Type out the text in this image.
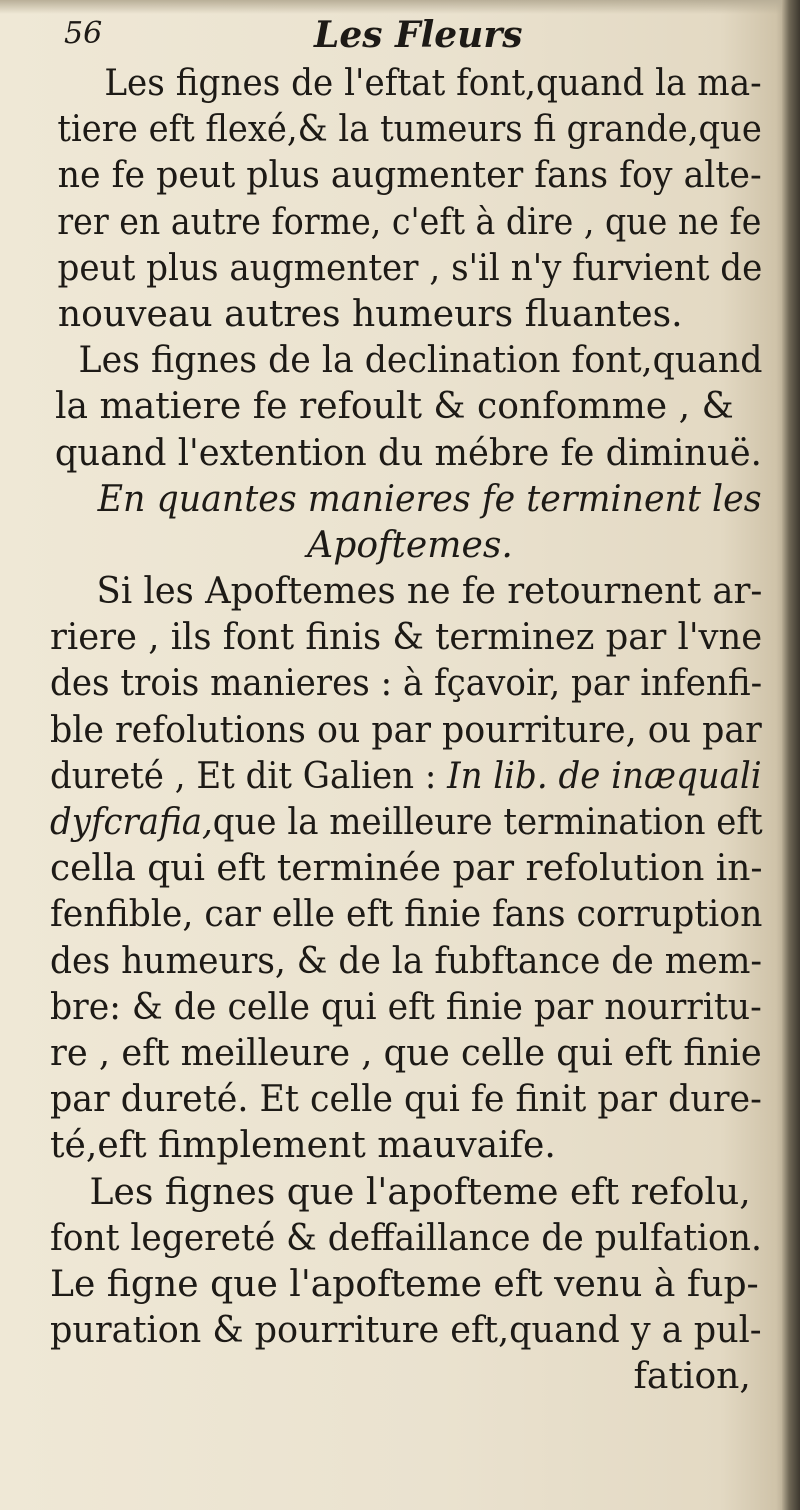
56	Les Fleurs
Les fignes de l'eftat font,quand la ma-
tiere eft flexé,& la tumeurs fi grande,que
ne fe peut plus augmenter fans foy alte-
rer en autre forme, c'eft à dire , que ne fe
peut plus augmenter , s'il n'y furvient de
nouveau autres humeurs fluantes.
Les fignes de la declination font,quand
la matiere fe refoult & confomme , &
quand l'extention du mébre fe diminuë.
En quantes manieres fe terminent les
Apoftemes.
Si les Apoftemes ne fe retournent ar-
riere , ils font finis & terminez par l'vne
des trois manieres : à fçavoir, par infenfi-
ble refolutions ou par pourriture, ou par
dureté , Et dit Galien : In lib. de inæquali
dyfcrafia,que la meilleure termination eft
cella qui eft terminée par refolution in-
fenfible, car elle eft finie fans corruption
des humeurs, & de la fubftance de mem-
bre: & de celle qui eft finie par nourritu-
re , eft meilleure , que celle qui eft finie
par dureté. Et celle qui fe finit par dure-
té,eft fimplement mauvaife.
Les fignes que l'apofteme eft refolu,
font legereté & deffaillance de pulfation.
Le figne que l'apofteme eft venu à fup-
puration & pourriture eft,quand y a pul-
fation,
